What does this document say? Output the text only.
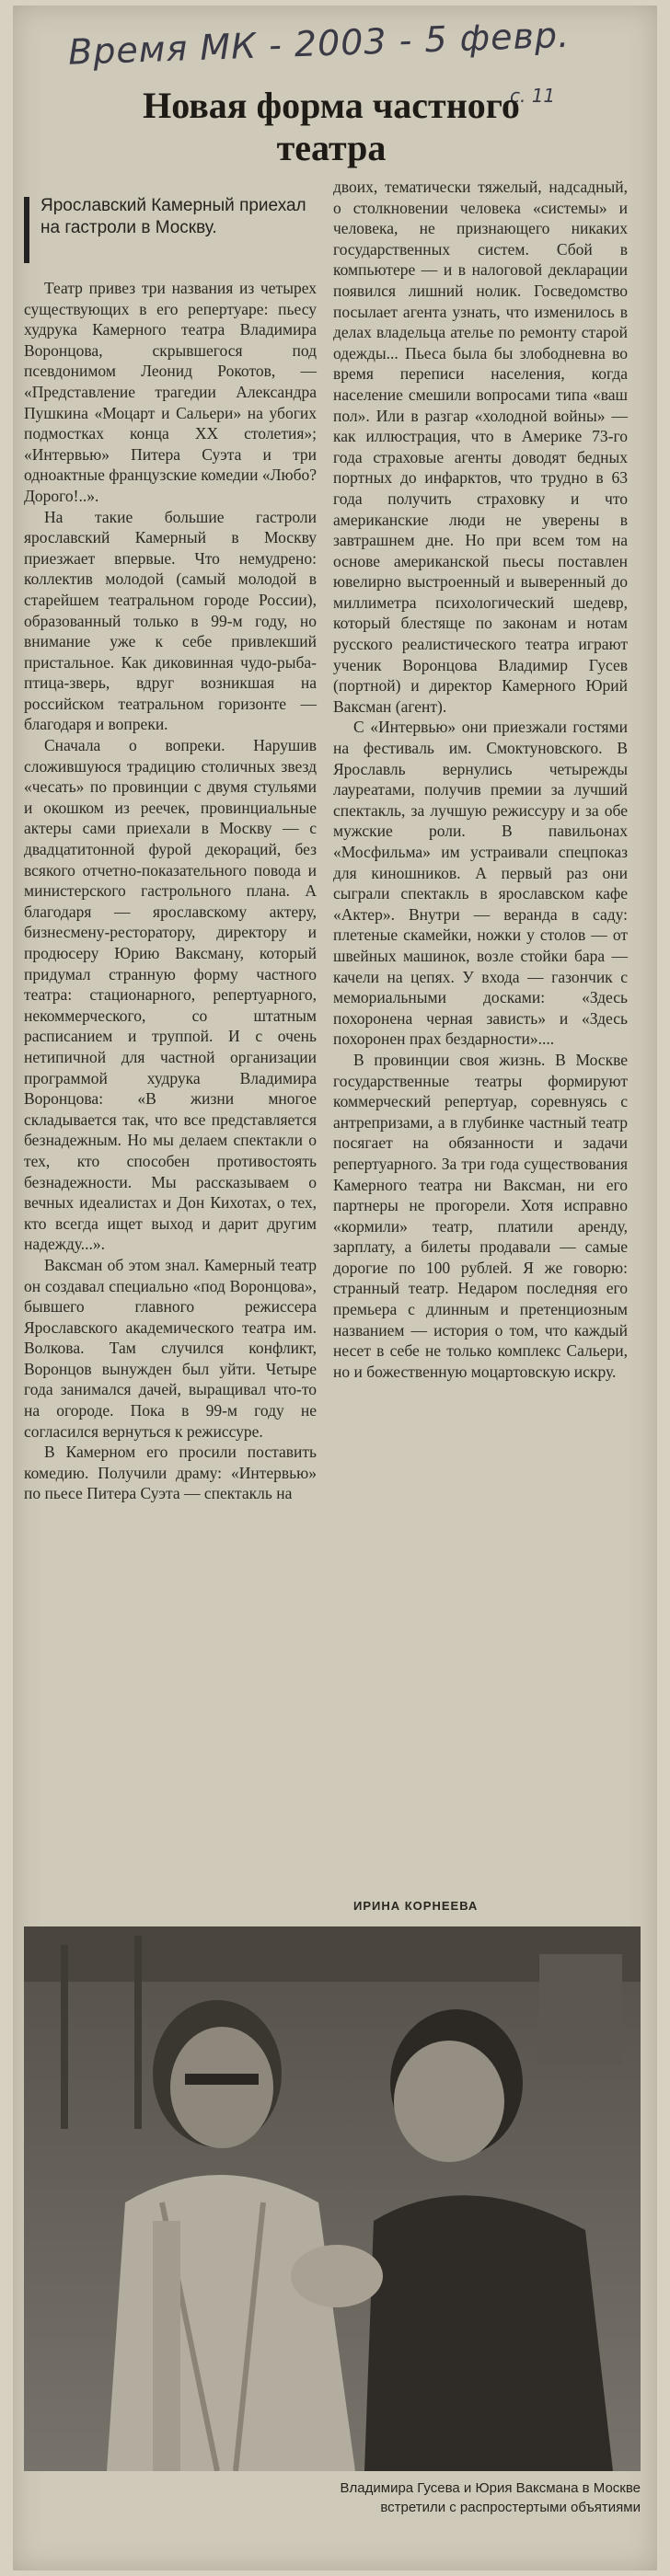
Время МК - 2003 - 5 февр.
с. 11
Новая форма частного театра
Ярославский Камерный приехал на гастроли в Москву.

Театр привез три названия из четырех существующих в его репертуаре: пьесу худрука Камерного театра Владимира Воронцова, скрывшегося под псевдонимом Леонид Рокотов, — «Представление трагедии Александра Пушкина «Моцарт и Сальери» на убогих подмостках конца XX столетия»; «Интервью» Питера Суэта и три одноактные французские комедии «Любо? Дорого!..».

На такие большие гастроли ярославский Камерный в Москву приезжает впервые. Что немудрено: коллектив молодой (самый молодой в старейшем театральном городе России), образованный только в 99-м году, но внимание уже к себе привлекший пристальное. Как диковинная чудо-рыба-птица-зверь, вдруг возникшая на российском театральном горизонте — благодаря и вопреки.

Сначала о вопреки. Нарушив сложившуюся традицию столичных звезд «чесать» по провинции с двумя стульями и окошком из реечек, провинциальные актеры сами приехали в Москву — с двадцатитонной фурой декораций, без всякого отчетно-показательного повода и министерского гастрольного плана. А благодаря — ярославскому актеру, бизнесмену-ресторатору, директору и продюсеру Юрию Ваксману, который придумал странную форму частного театра: стационарного, репертуарного, некоммерческого, со штатным расписанием и труппой. И с очень нетипичной для частной организации программой худрука Владимира Воронцова: «В жизни многое складывается так, что все представляется безнадежным. Но мы делаем спектакли о тех, кто способен противостоять безнадежности. Мы рассказываем о вечных идеалистах и Дон Кихотах, о тех, кто всегда ищет выход и дарит другим надежду...».

Ваксман об этом знал. Камерный театр он создавал специально «под Воронцова», бывшего главного режиссера Ярославского академического театра им. Волкова. Там случился конфликт, Воронцов вынужден был уйти. Четыре года занимался дачей, выращивал что-то на огороде. Пока в 99-м году не согласился вернуться к режиссуре.

В Камерном его просили поставить комедию. Получили драму: «Интервью» по пьесе Питера Суэта — спектакль на

двоих, тематически тяжелый, надсадный, о столкновении человека «системы» и человека, не признающего никаких государственных систем. Сбой в компьютере — и в налоговой декларации появился лишний нолик. Госведомство посылает агента узнать, что изменилось в делах владельца ателье по ремонту старой одежды... Пьеса была бы злободневна во время переписи населения, когда население смешили вопросами типа «ваш пол». Или в разгар «холодной войны» — как иллюстрация, что в Америке 73-го года страховые агенты доводят бедных портных до инфарктов, что трудно в 63 года получить страховку и что американские люди не уверены в завтрашнем дне. Но при всем том на основе американской пьесы поставлен ювелирно выстроенный и выверенный до миллиметра психологический шедевр, который блестяще по законам и нотам русского реалистического театра играют ученик Воронцова Владимир Гусев (портной) и директор Камерного Юрий Ваксман (агент).

С «Интервью» они приезжали гостями на фестиваль им. Смоктуновского. В Ярославль вернулись четырежды лауреатами, получив премии за лучший спектакль, за лучшую режиссуру и за обе мужские роли. В павильонах «Мосфильма» им устраивали спецпоказ для киношников. А первый раз они сыграли спектакль в ярославском кафе «Актер». Внутри — веранда в саду: плетеные скамейки, ножки у столов — от швейных машинок, возле стойки бара — качели на цепях. У входа — газончик с мемориальными досками: «Здесь похоронена черная зависть» и «Здесь похоронен прах бездарности»....

В провинции своя жизнь. В Москве государственные театры формируют коммерческий репертуар, соревнуясь с антрепризами, а в глубинке частный театр посягает на обязанности и задачи репертуарного. За три года существования Камерного театра ни Ваксман, ни его партнеры не прогорели. Хотя исправно «кормили» театр, платили аренду, зарплату, а билеты продавали — самые дорогие по 100 рублей. Я же говорю: странный театр. Недаром последняя его премьера с длинным и претенциозным названием — история о том, что каждый несет в себе не только комплекс Сальери, но и божественную моцартовскую искру.

ИРИНА КОРНЕЕВА
Владимира Гусева и Юрия Ваксмана в Москве
встретили с распростертыми объятиями
